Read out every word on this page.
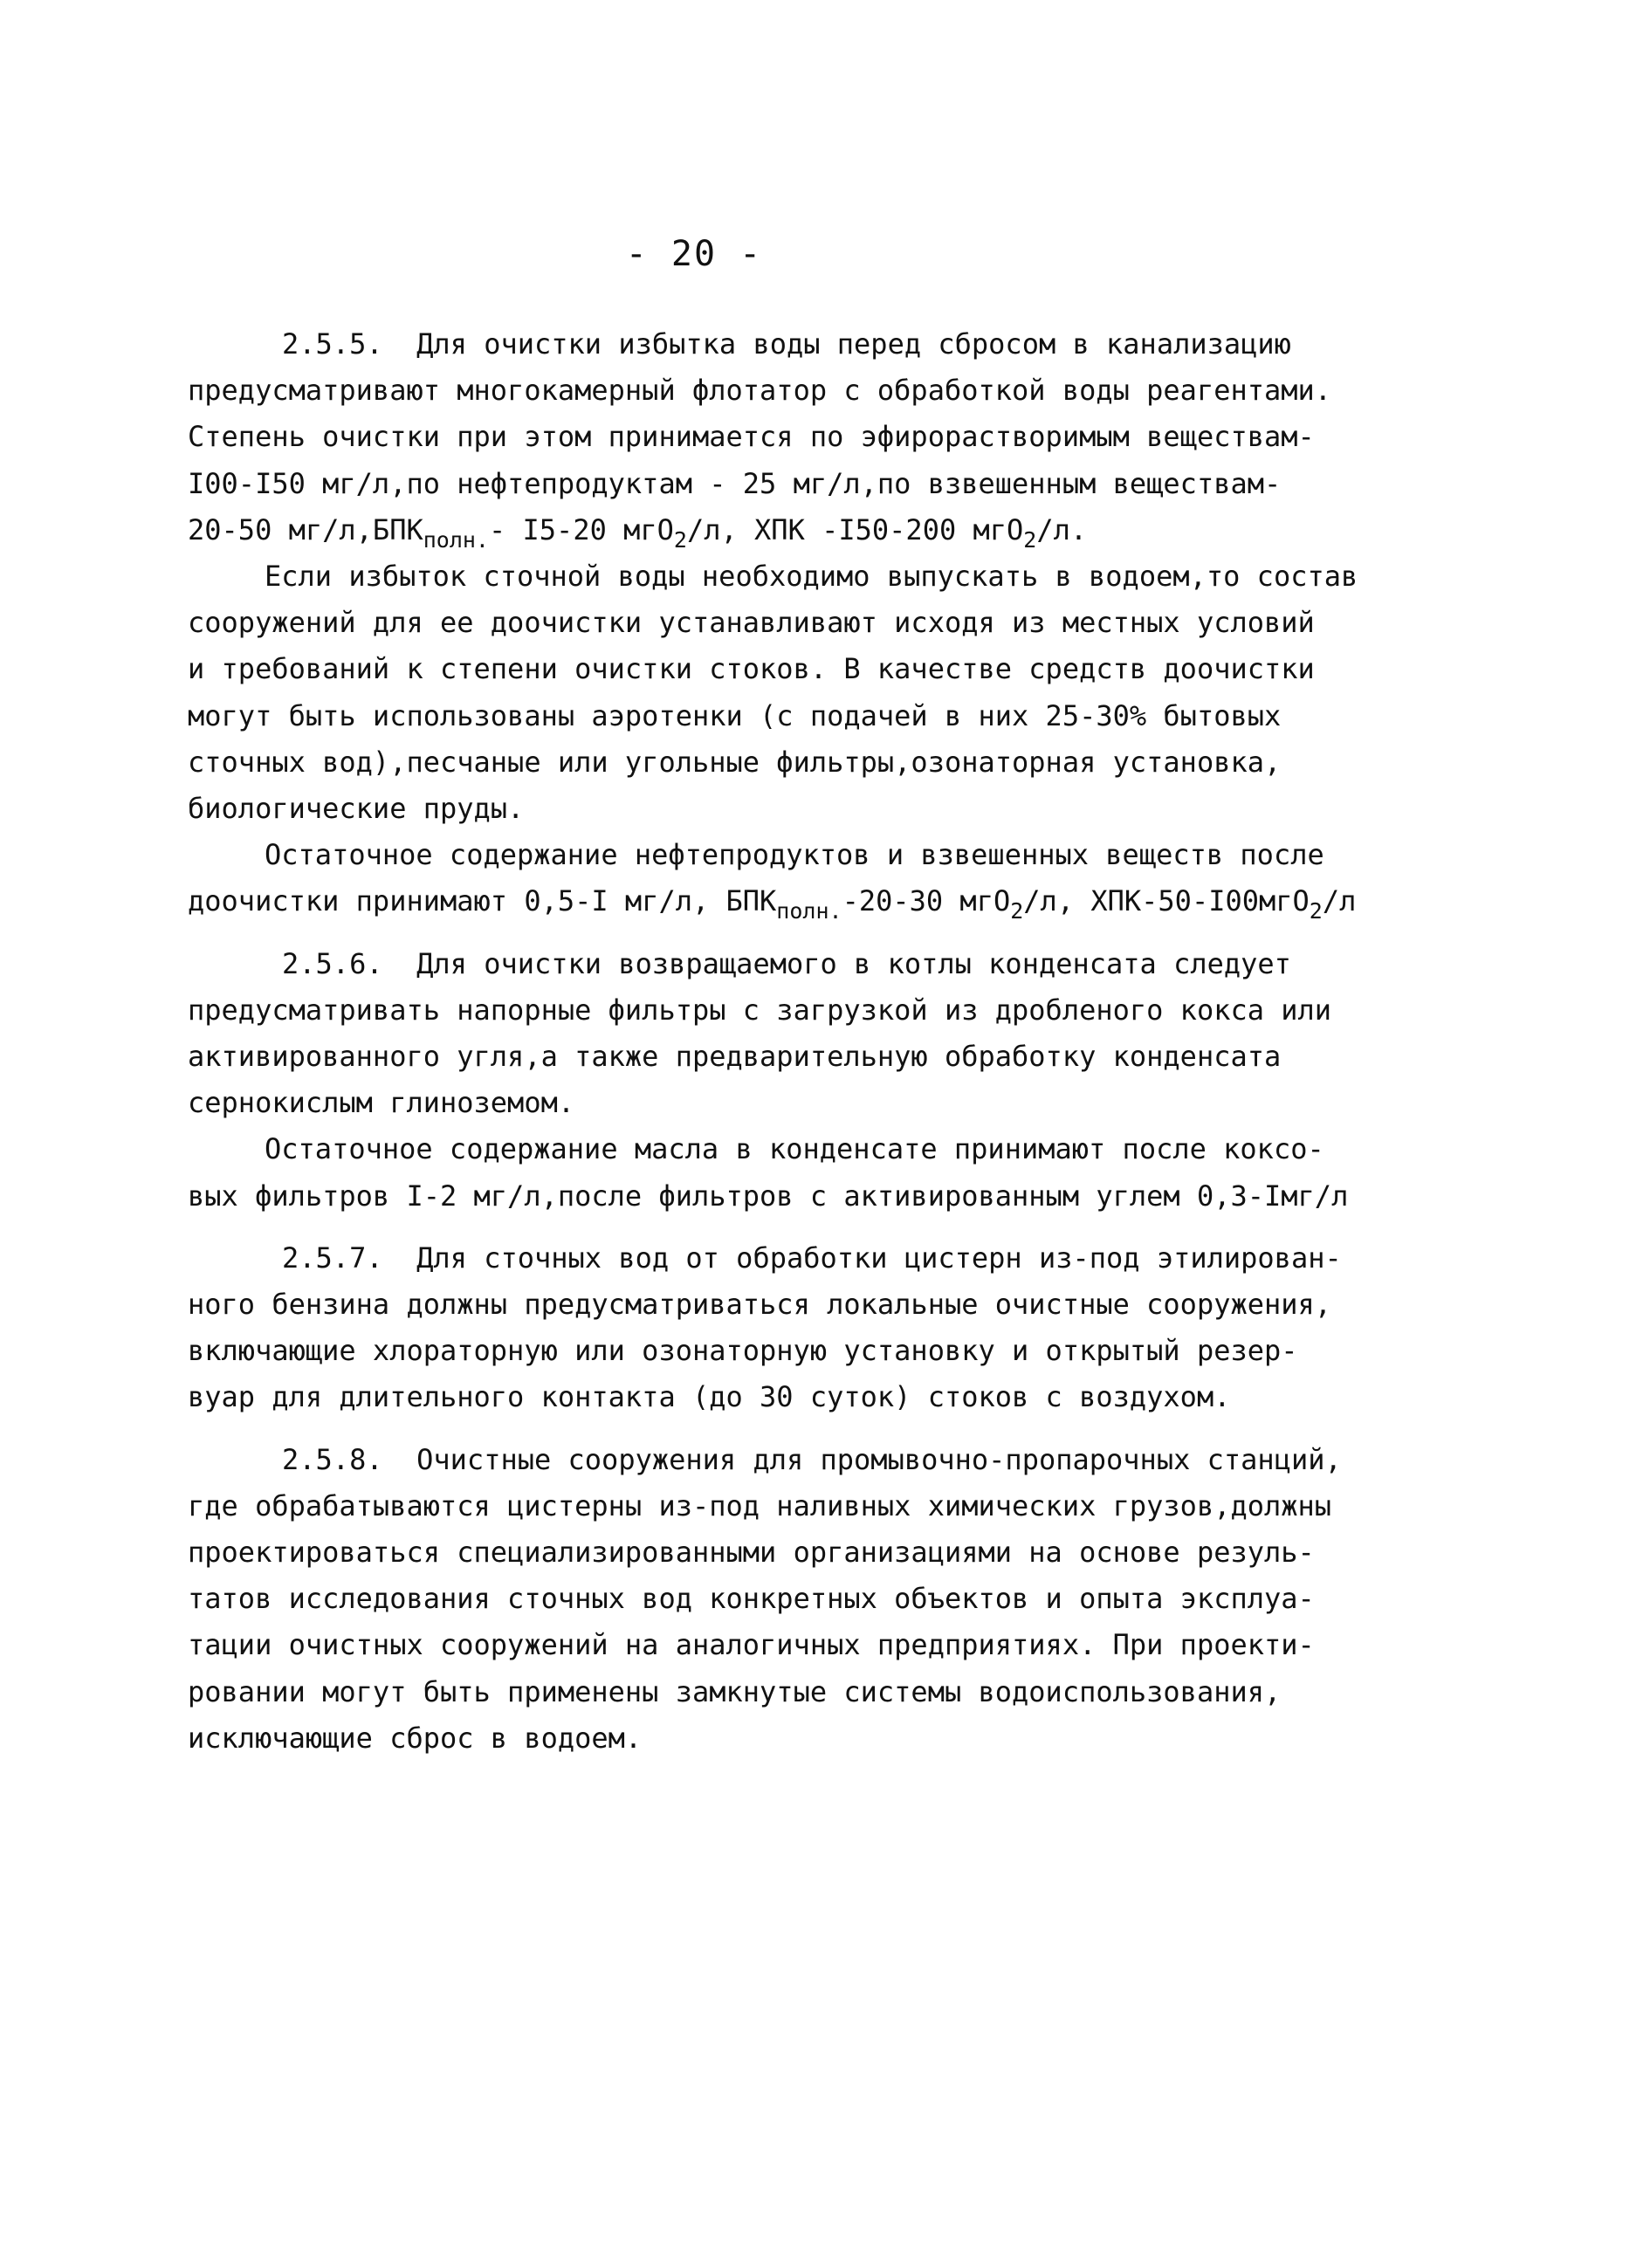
- 20 -

2.5.5.  Для очистки избытка воды перед сбросом в канализацию
предусматривают многокамерный флотатор с обработкой воды реагентами.
Степень очистки при этом принимается по эфирорастворимым веществам-
I00-I50 мг/л,по нефтепродуктам - 25 мг/л,по взвешенным веществам-
20-50 $мг/л,БПК_{полн.}-$ I5-20 мгО$_2$/л, ХПК -I50-200 мгО$_2$/л.

Если избыток сточной воды необходимо выпускать в водоем,то состав
сооружений для ее доочистки устанавливают исходя из местных условий
и требований к степени очистки стоков. В качестве средств доочистки
могут быть использованы аэротенки (с подачей в них 25-30% бытовых
сточных вод),песчаные или угольные фильтры,озонаторная установка,
биологические пруды.

Остаточное содержание нефтепродуктов и взвешенных веществ после
доочистки принимают 0,5-I мг/л, $БПК_{полн.}-20-30$ мгО$_2$/л, ХПК-50-I00мгО$_2$/л

2.5.6.  Для очистки возвращаемого в котлы конденсата следует
предусматривать напорные фильтры с загрузкой из дробленого кокса или
активированного угля,а также предварительную обработку конденсата
сернокислым глиноземом.

Остаточное содержание масла в конденсате принимают после коксо-
вых фильтров I-2 мг/л,после фильтров с активированным углем 0,3-Iмг/л

2.5.7.  Для сточных вод от обработки цистерн из-под этилирован-
ного бензина должны предусматриваться локальные очистные сооружения,
включающие хлораторную или озонаторную установку и открытый резер-
вуар для длительного контакта (до 30 суток) стоков с воздухом.

2.5.8.  Очистные сооружения для промывочно-пропарочных станций,
где обрабатываются цистерны из-под наливных химических грузов,должны
проектироваться специализированными организациями на основе резуль-
татов исследования сточных вод конкретных объектов и опыта эксплуа-
тации очистных сооружений на аналогичных предприятиях. При проекти-
ровании могут быть применены замкнутые системы водоиспользования,
исключающие сброс в водоем.
